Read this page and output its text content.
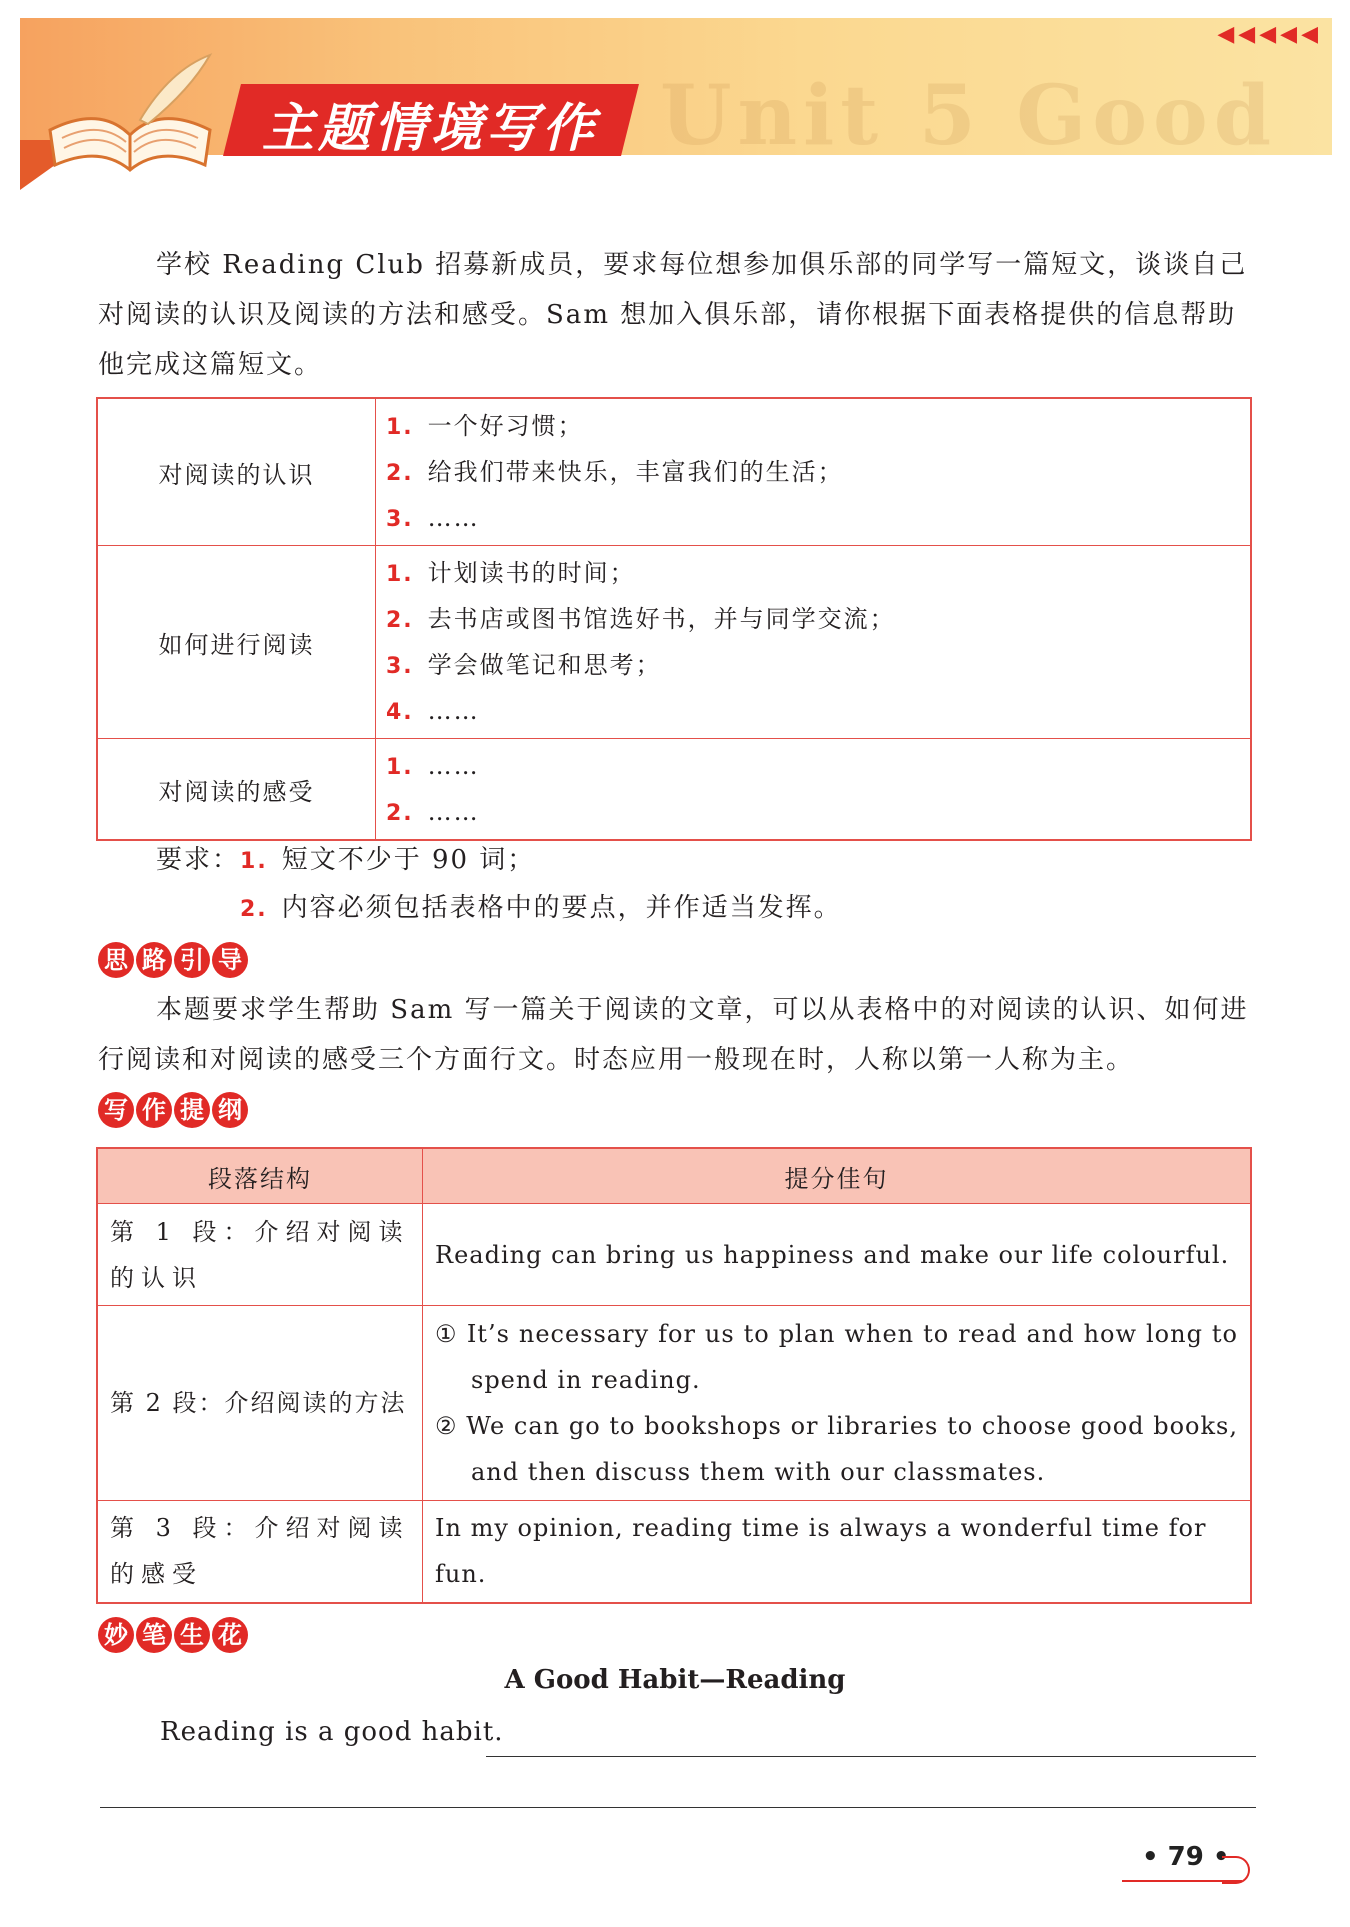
Unit 5 Good
主题情境写作
◀◀◀◀◀
学校 Reading Club 招募新成员，要求每位想参加俱乐部的同学写一篇短文，谈谈自己对阅读的认识及阅读的方法和感受。Sam 想加入俱乐部，请你根据下面表格提供的信息帮助他完成这篇短文。
对阅读的认识	1. 一个好习惯；
2. 给我们带来快乐，丰富我们的生活；
3. ……

如何进行阅读	1. 计划读书的时间；
2. 去书店或图书馆选好书，并与同学交流；
3. 学会做笔记和思考；
4. ……

对阅读的感受	1. ……
2. ……
要求：1. 短文不少于 90 词；
2. 内容必须包括表格中的要点，并作适当发挥。
思 路 引 导
本题要求学生帮助 Sam 写一篇关于阅读的文章，可以从表格中的对阅读的认识、如何进行阅读和对阅读的感受三个方面行文。时态应用一般现在时，人称以第一人称为主。
写 作 提 纲
段落结构	提分佳句
第 1 段：介绍对阅读的认识	Reading can bring us happiness and make our life colourful.
第 2 段：介绍阅读的方法	① It’s necessary for us to plan when to read and how long to spend in reading.
② We can go to bookshops or libraries to choose good books, and then discuss them with our classmates.

第 3 段：介绍对阅读的感受	In my opinion, reading time is always a wonderful time for fun.
妙 笔 生 花
A Good Habit—Reading
Reading is a good habit.
• 79 •
